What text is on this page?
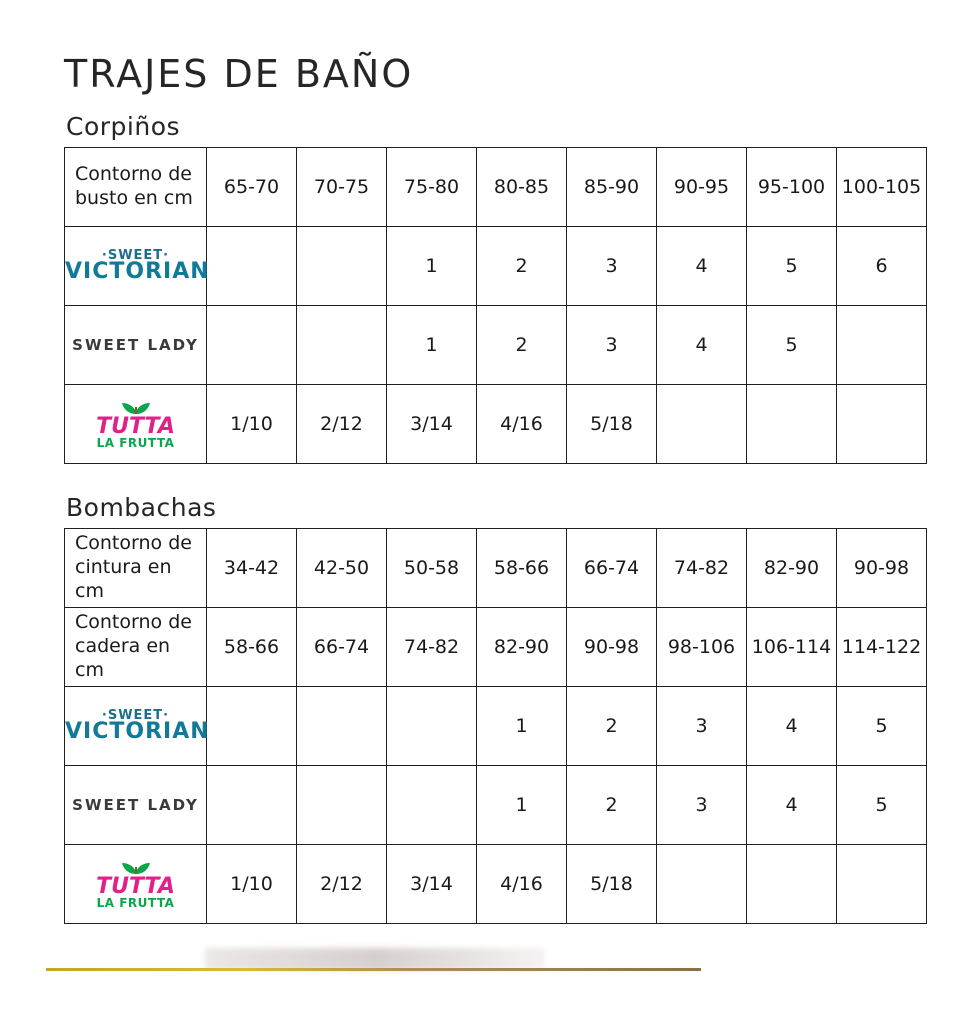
TRAJES DE BAÑO
Corpiños
Contorno de busto en cm	65-70	70-75	75-80	80-85	85-90	90-95	95-100	100-105

·SWEET·
VICTORIAN			1	2	3	4	5	6

SWEET LADY			1	2	3	4	5	

TUTTA
LA FRUTTA	1/10	2/12	3/14	4/16	5/18			
Bombachas
Contorno de cintura en cm	34-42	42-50	50-58	58-66	66-74	74-82	82-90	90-98
Contorno de cadera en cm	58-66	66-74	74-82	82-90	90-98	98-106	106-114	114-122

·SWEET·
VICTORIAN				1	2	3	4	5

SWEET LADY				1	2	3	4	5

TUTTA
LA FRUTTA	1/10	2/12	3/14	4/16	5/18			
